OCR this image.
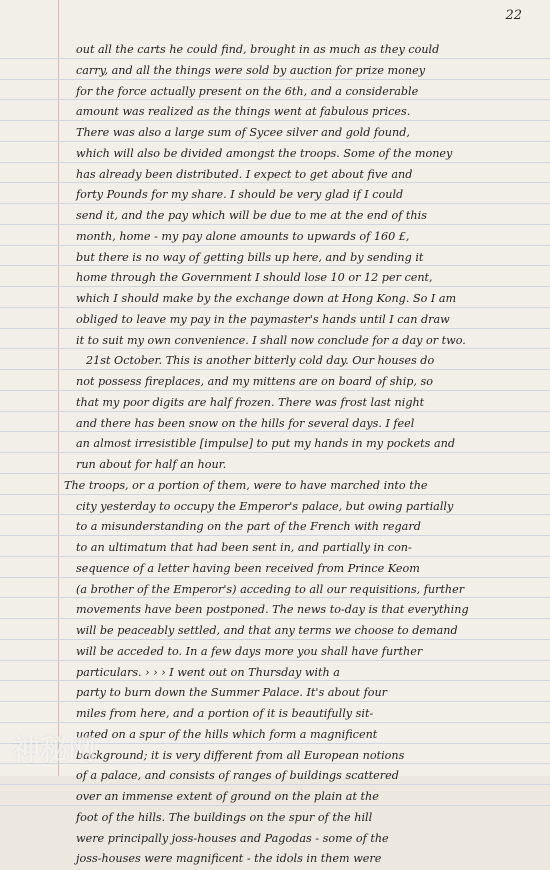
22
out all the carts he could find, brought in as much as they could
carry, and all the things were sold by auction for prize money
for the force actually present on the 6th, and a considerable
amount was realized as the things went at fabulous prices.
There was also a large sum of Sycee silver and gold found,
which will also be divided amongst the troops. Some of the money
has already been distributed. I expect to get about five and
forty Pounds for my share. I should be very glad if I could
send it, and the pay which will be due to me at the end of this
month, home - my pay alone amounts to upwards of 160 £,
but there is no way of getting bills up here, and by sending it
home through the Government I should lose 10 or 12 per cent,
which I should make by the exchange down at Hong Kong. So I am
obliged to leave my pay in the paymaster's hands until I can draw
it to suit my own convenience. I shall now conclude for a day or two.
21st October. This is another bitterly cold day. Our houses do
not possess fireplaces, and my mittens are on board of ship, so
that my poor digits are half frozen. There was frost last night
and there has been snow on the hills for several days. I feel
an almost irresistible [impulse] to put my hands in my pockets and
run about for half an hour.
The troops, or a portion of them, were to have marched into the
city yesterday to occupy the Emperor's palace, but owing partially
to a misunderstanding on the part of the French with regard
to an ultimatum that had been sent in, and partially in con-
sequence of a letter having been received from Prince Keom
(a brother of the Emperor's) acceding to all our requisitions, further
movements have been postponed. The news to-day is that everything
will be peaceably settled, and that any terms we choose to demand
will be acceded to. In a few days more you shall have further
particulars. › › › I went out on Thursday with a
party to burn down the Summer Palace. It's about four
miles from here, and a portion of it is beautifully sit-
uated on a spur of the hills which form a magnificent
background; it is very different from all European notions
of a palace, and consists of ranges of buildings scattered
over an immense extent of ground on the plain at the
foot of the hills. The buildings on the spur of the hill
were principally joss-houses and Pagodas - some of the
joss-houses were magnificent - the idols in them were
神秘网
